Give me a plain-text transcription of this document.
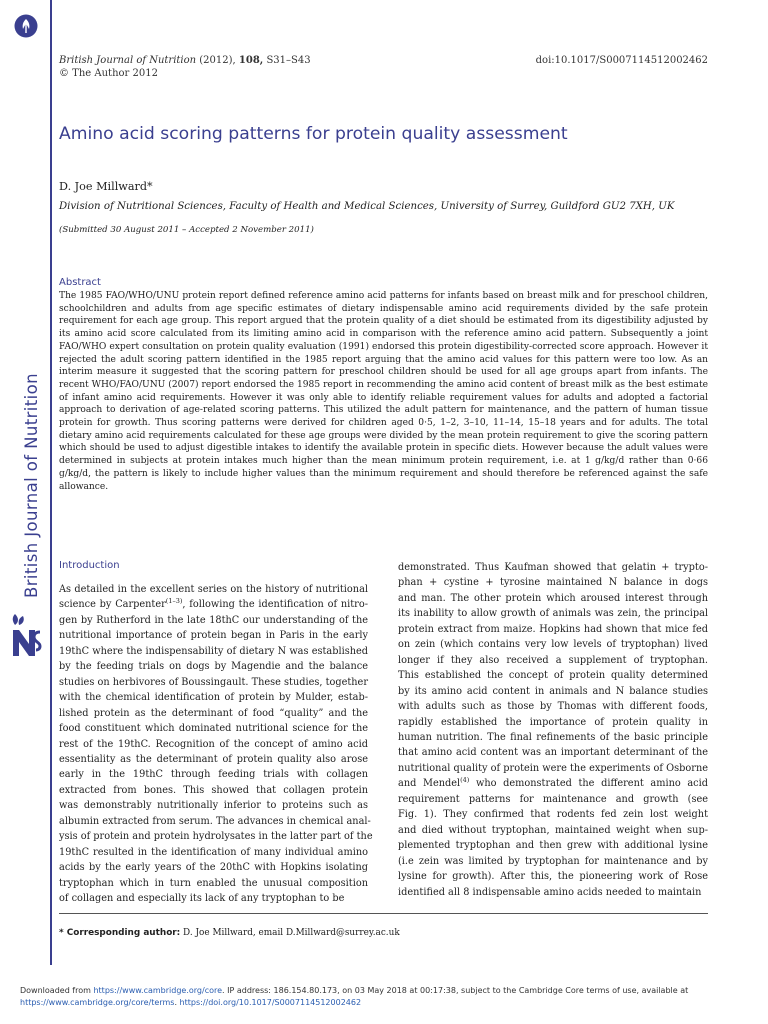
British Journal of Nutrition
British Journal of Nutrition (2012), 108, S31–S43
© The Author 2012
doi:10.1017/S0007114512002462
Amino acid scoring patterns for protein quality assessment
D. Joe Millward*
Division of Nutritional Sciences, Faculty of Health and Medical Sciences, University of Surrey, Guildford GU2 7XH, UK
(Submitted 30 August 2011 – Accepted 2 November 2011)
Abstract
The 1985 FAO/WHO/UNU protein report defined reference amino acid patterns for infants based on breast milk and for preschool children, schoolchildren and adults from age specific estimates of dietary indispensable amino acid requirements divided by the safe protein requirement for each age group. This report argued that the protein quality of a diet should be estimated from its digestibility adjusted by its amino acid score calculated from its limiting amino acid in comparison with the reference amino acid pattern. Subsequently a joint FAO/WHO expert consultation on protein quality evaluation (1991) endorsed this protein digestibility-corrected score approach. However it rejected the adult scoring pattern identified in the 1985 report arguing that the amino acid values for this pattern were too low. As an interim measure it suggested that the scoring pattern for preschool children should be used for all age groups apart from infants. The recent WHO/FAO/UNU (2007) report endorsed the 1985 report in recommending the amino acid content of breast milk as the best estimate of infant amino acid requirements. However it was only able to identify reliable requirement values for adults and adopted a factorial approach to derivation of age-related scoring patterns. This utilized the adult pattern for maintenance, and the pattern of human tissue protein for growth. Thus scoring patterns were derived for children aged 0·5, 1–2, 3–10, 11–14, 15–18 years and for adults. The total dietary amino acid requirements calculated for these age groups were divided by the mean protein requirement to give the scoring pattern which should be used to adjust digestible intakes to identify the available protein in specific diets. However because the adult values were determined in subjects at protein intakes much higher than the mean minimum protein requirement, i.e. at 1 g/kg/d rather than 0·66 g/kg/d, the pattern is likely to include higher values than the minimum requirement and should therefore be referenced against the safe allowance.
Introduction
As detailed in the excellent series on the history of nutritional
science by Carpenter$^{(1-3)}$, following the identification of nitro-
gen by Rutherford in the late 18thC our understanding of the
nutritional importance of protein began in Paris in the early
19thC where the indispensability of dietary N was established
by the feeding trials on dogs by Magendie and the balance
studies on herbivores of Boussingault. These studies, together
with the chemical identification of protein by Mulder, estab-
lished protein as the determinant of food “quality” and the
food constituent which dominated nutritional science for the
rest of the 19thC. Recognition of the concept of amino acid
essentiality as the determinant of protein quality also arose
early in the 19thC through feeding trials with collagen
extracted from bones. This showed that collagen protein
was demonstrably nutritionally inferior to proteins such as
albumin extracted from serum. The advances in chemical anal-
ysis of protein and protein hydrolysates in the latter part of the
19thC resulted in the identification of many individual amino
acids by the early years of the 20thC with Hopkins isolating
tryptophan which in turn enabled the unusual composition
of collagen and especially its lack of any tryptophan to be
demonstrated. Thus Kaufman showed that gelatin + trypto-
phan + cystine + tyrosine maintained N balance in dogs
and man. The other protein which aroused interest through
its inability to allow growth of animals was zein, the principal
protein extract from maize. Hopkins had shown that mice fed
on zein (which contains very low levels of tryptophan) lived
longer if they also received a supplement of tryptophan.
This established the concept of protein quality determined
by its amino acid content in animals and N balance studies
with adults such as those by Thomas with different foods,
rapidly established the importance of protein quality in
human nutrition. The final refinements of the basic principle
that amino acid content was an important determinant of the
nutritional quality of protein were the experiments of Osborne
and Mendel$^{(4)}$ who demonstrated the different amino acid
requirement patterns for maintenance and growth (see
Fig. 1). They confirmed that rodents fed zein lost weight
and died without tryptophan, maintained weight when sup-
plemented tryptophan and then grew with additional lysine
(i.e zein was limited by tryptophan for maintenance and by
lysine for growth). After this, the pioneering work of Rose
identified all 8 indispensable amino acids needed to maintain
* Corresponding author: D. Joe Millward, email D.Millward@surrey.ac.uk
Downloaded from https://www.cambridge.org/core. IP address: 186.154.80.173, on 03 May 2018 at 00:17:38, subject to the Cambridge Core terms of use, available at
https://www.cambridge.org/core/terms. https://doi.org/10.1017/S0007114512002462
